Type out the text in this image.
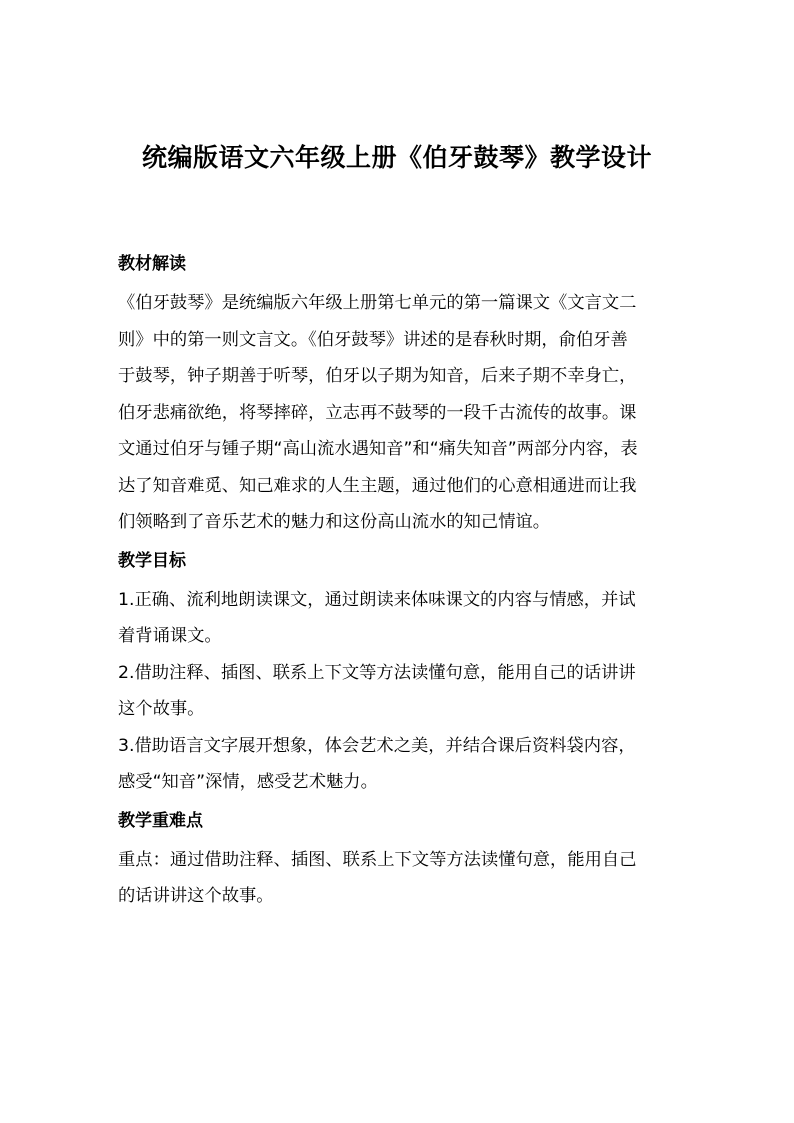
统编版语文六年级上册《伯牙鼓琴》教学设计
教材解读
《伯牙鼓琴》是统编版六年级上册第七单元的第一篇课文《文言文二
则》中的第一则文言文。《伯牙鼓琴》讲述的是春秋时期，俞伯牙善
于鼓琴，钟子期善于听琴，伯牙以子期为知音，后来子期不幸身亡，
伯牙悲痛欲绝，将琴摔碎，立志再不鼓琴的一段千古流传的故事。课
文通过伯牙与锺子期“高山流水遇知音”和“痛失知音”两部分内容，表
达了知音难觅、知己难求的人生主题，通过他们的心意相通进而让我
们领略到了音乐艺术的魅力和这份高山流水的知己情谊。
教学目标
1.正确、流利地朗读课文，通过朗读来体味课文的内容与情感，并试
着背诵课文。
2.借助注释、插图、联系上下文等方法读懂句意，能用自己的话讲讲
这个故事。
3.借助语言文字展开想象，体会艺术之美，并结合课后资料袋内容，
感受“知音”深情，感受艺术魅力。
教学重难点
重点：通过借助注释、插图、联系上下文等方法读懂句意，能用自己
的话讲讲这个故事。
